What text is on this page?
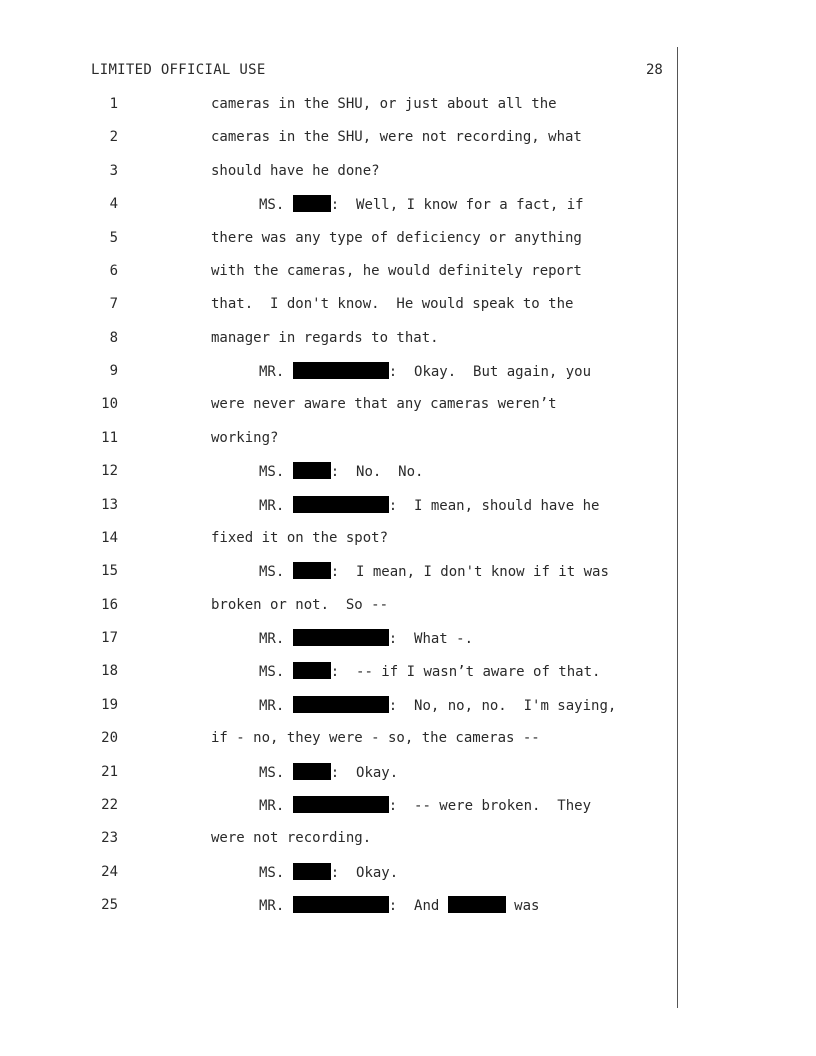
LIMITED OFFICIAL USE	28
1	cameras in the SHU, or just about all the
2	cameras in the SHU, were not recording, what
3	should have he done?
4	MS.	:  Well, I know for a fact, if
5	there was any type of deficiency or anything
6	with the cameras, he would definitely report
7	that.  I don't know.  He would speak to the
8	manager in regards to that.
9	MR.	:  Okay.  But again, you
10	were never aware that any cameras weren’t
11	working?
12	MS.	:  No.  No.
13	MR.	:  I mean, should have he
14	fixed it on the spot?
15	MS.	:  I mean, I don't know if it was
16	broken or not.  So --
17	MR.	:  What -.
18	MS.	:  -- if I wasn’t aware of that.
19	MR.	:  No, no, no.  I'm saying,
20	if - no, they were - so, the cameras --
21	MS.	:  Okay.
22	MR.	:  -- were broken.  They
23	were not recording.
24	MS.	:  Okay.
25	MR.	:  And	was
